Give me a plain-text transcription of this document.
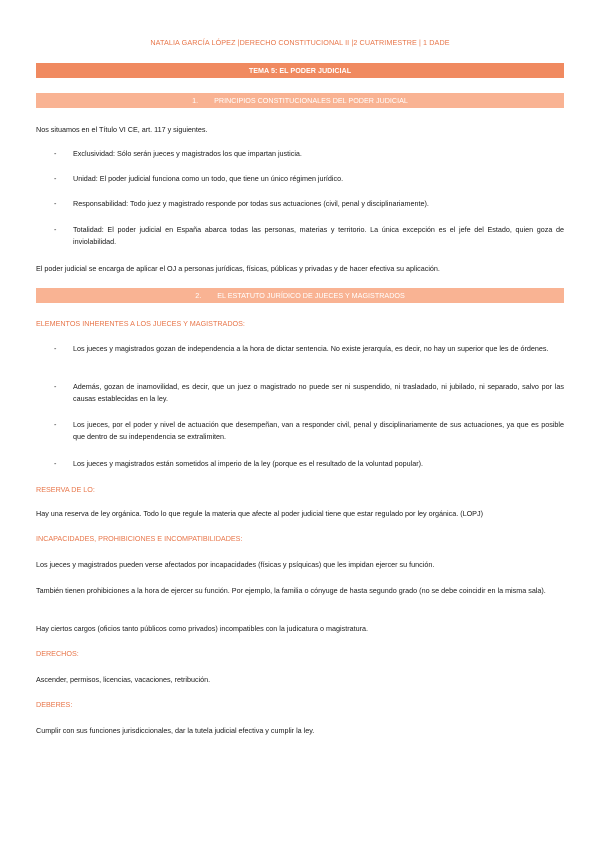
NATALIA GARCÍA LÓPEZ |DERECHO CONSTITUCIONAL II |2 CUATRIMESTRE | 1 DADE
TEMA 5: EL PODER JUDICIAL
1. PRINCIPIOS CONSTITUCIONALES DEL PODER JUDICIAL
Nos situamos en el Título VI CE, art. 117 y siguientes.
- Exclusividad: Sólo serán jueces y magistrados los que impartan justicia.
- Unidad: El poder judicial funciona como un todo, que tiene un único régimen jurídico.
- Responsabilidad: Todo juez y magistrado responde por todas sus actuaciones (civil, penal y disciplinariamente).
- Totalidad: El poder judicial en España abarca todas las personas, materias y territorio. La única excepción es el jefe del Estado, quien goza de inviolabilidad.
El poder judicial se encarga de aplicar el OJ a personas jurídicas, físicas, públicas y privadas y de hacer efectiva su aplicación.
2. EL ESTATUTO JURÍDICO DE JUECES Y MAGISTRADOS
ELEMENTOS INHERENTES A LOS JUECES Y MAGISTRADOS:
- Los jueces y magistrados gozan de independencia a la hora de dictar sentencia. No existe jerarquía, es decir, no hay un superior que les de órdenes.
- Además, gozan de inamovilidad, es decir, que un juez o magistrado no puede ser ni suspendido, ni trasladado, ni jubilado, ni separado, salvo por las causas establecidas en la ley.
- Los jueces, por el poder y nivel de actuación que desempeñan, van a responder civil, penal y disciplinariamente de sus actuaciones, ya que es posible que dentro de su independencia se extralimiten.
- Los jueces y magistrados están sometidos al imperio de la ley (porque es el resultado de la voluntad popular).
RESERVA DE LO:
Hay una reserva de ley orgánica. Todo lo que regule la materia que afecte al poder judicial tiene que estar regulado por ley orgánica. (LOPJ)
INCAPACIDADES, PROHIBICIONES E INCOMPATIBILIDADES:
Los jueces y magistrados pueden verse afectados por incapacidades (físicas y psíquicas) que les impidan ejercer su función.
También tienen prohibiciones a la hora de ejercer su función. Por ejemplo, la familia o cónyuge de hasta segundo grado (no se debe coincidir en la misma sala).
Hay ciertos cargos (oficios tanto públicos como privados) incompatibles con la judicatura o magistratura.
DERECHOS:
Ascender, permisos, licencias, vacaciones, retribución.
DEBERES:
Cumplir con sus funciones jurisdiccionales, dar la tutela judicial efectiva y cumplir la ley.
